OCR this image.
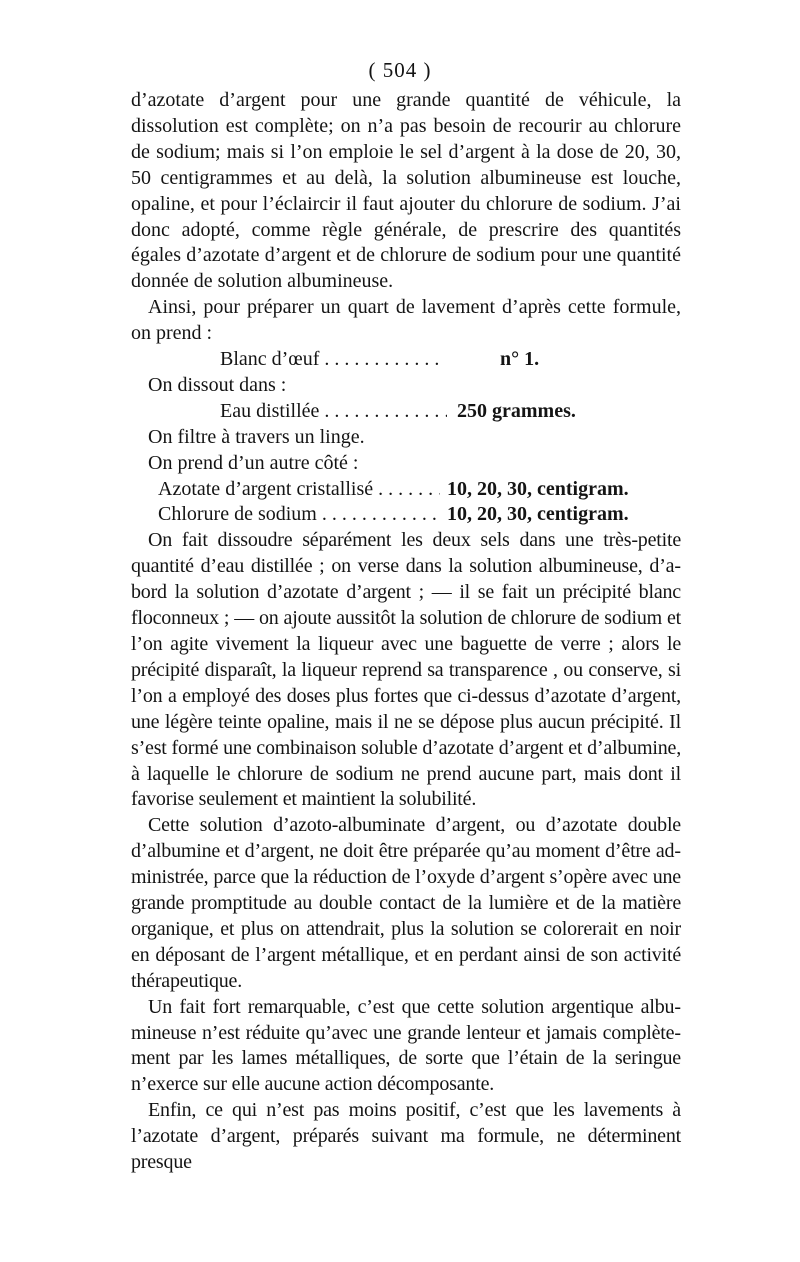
( 504 )

d’azotate d’argent pour une grande quantité de véhicule, la dissolution est complète; on n’a pas besoin de recourir au chlorure de sodium; mais si l’on emploie le sel d’argent à la dose de 20, 30, 50 centigrammes et au delà, la solution albumineuse est louche, opaline, et pour l’éclaircir il faut ajouter du chlorure de sodium. J’ai donc adopté, comme règle générale, de prescrire des quantités égales d’azotate d’argent et de chlorure de sodium pour une quantité donnée de solution albumineuse.

Ainsi, pour préparer un quart de lavement d’après cette formule, on prend :

Blanc d’œuf . . .	n° 1.

On dissout dans :

Eau distillée . . .	250 grammes.

On filtre à travers un linge.

On prend d’un autre côté :

Azotate d’argent cristallisé . . .	10, 20, 30, centigram.
Chlorure de sodium . . .	10, 20, 30, centigram.

On fait dissoudre séparément les deux sels dans une très-petite quantité d’eau distillée ; on verse dans la solution albumineuse, d’abord la solution d’azotate d’argent ; — il se fait un précipité blanc floconneux ; — on ajoute aussitôt la solution de chlorure de sodium et l’on agite vivement la liqueur avec une baguette de verre ; alors le précipité disparaît, la liqueur reprend sa transparence , ou conserve, si l’on a employé des doses plus fortes que ci-dessus d’azotate d’argent, une légère teinte opaline, mais il ne se dépose plus aucun précipité. Il s’est formé une combinaison soluble d’azotate d’argent et d’albumine, à laquelle le chlorure de sodium ne prend aucune part, mais dont il favorise seulement et maintient la solubilité.

Cette solution d’azoto-albuminate d’argent, ou d’azotate double d’albumine et d’argent, ne doit être préparée qu’au moment d’être administrée, parce que la réduction de l’oxyde d’argent s’opère avec une grande promptitude au double contact de la lumière et de la matière organique, et plus on attendrait, plus la solution se colorerait en noir en déposant de l’argent métallique, et en perdant ainsi de son activité thérapeutique.

Un fait fort remarquable, c’est que cette solution argentique albumineuse n’est réduite qu’avec une grande lenteur et jamais complètement par les lames métalliques, de sorte que l’étain de la seringue n’exerce sur elle aucune action décomposante.

Enfin, ce qui n’est pas moins positif, c’est que les lavements à l’azotate d’argent, préparés suivant ma formule, ne déterminent presque
